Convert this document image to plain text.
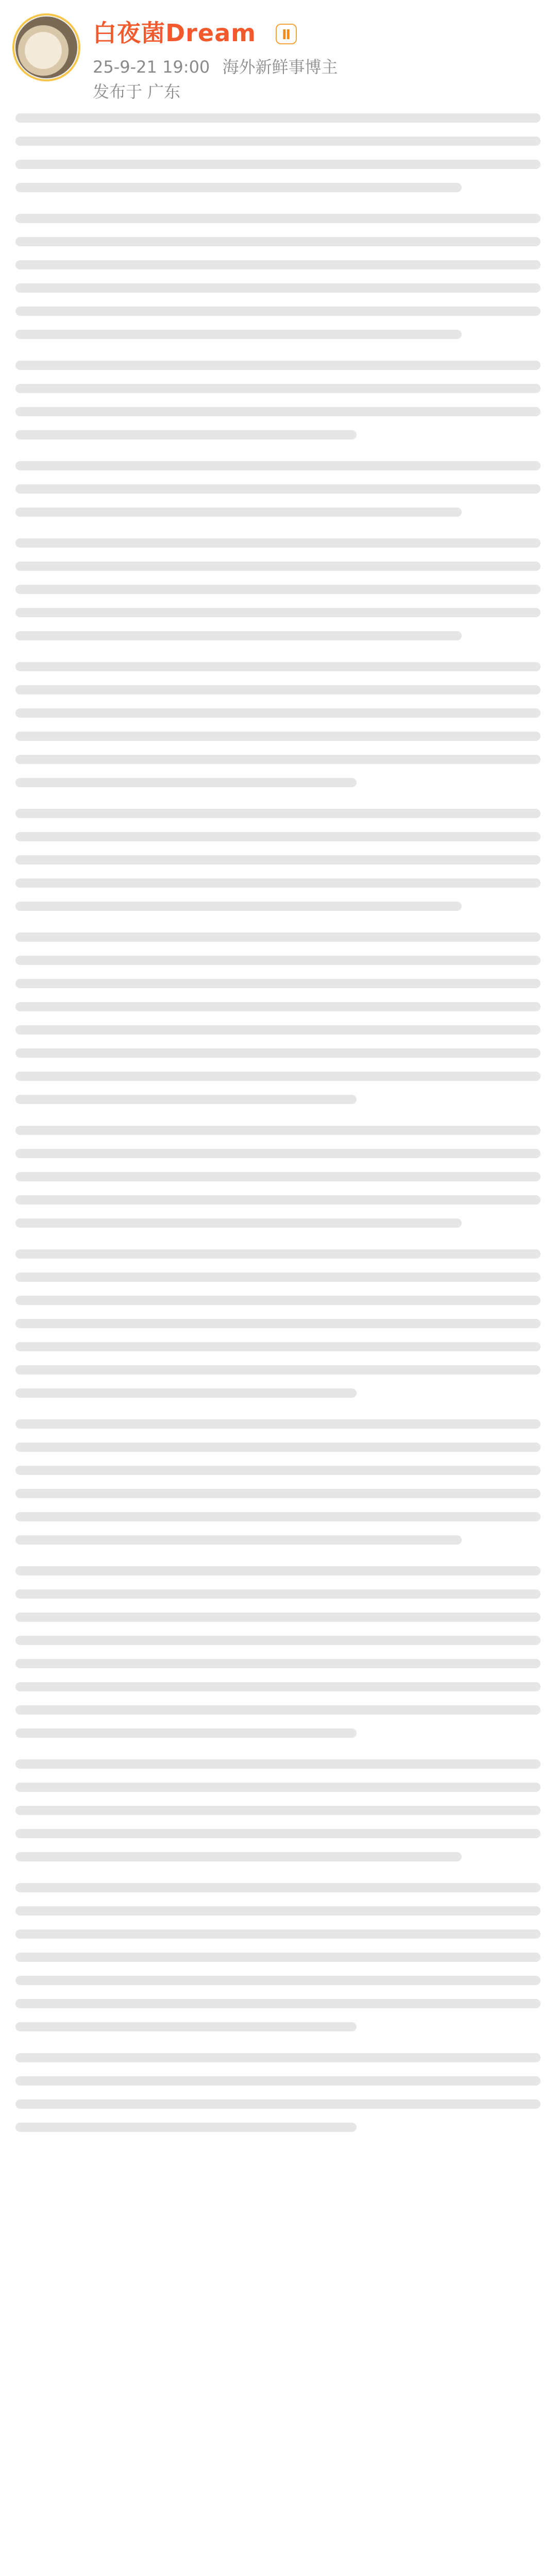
白夜菌Dream	Ⅱ
25-9-21 19:00 海外新鲜事博主
发布于 广东
